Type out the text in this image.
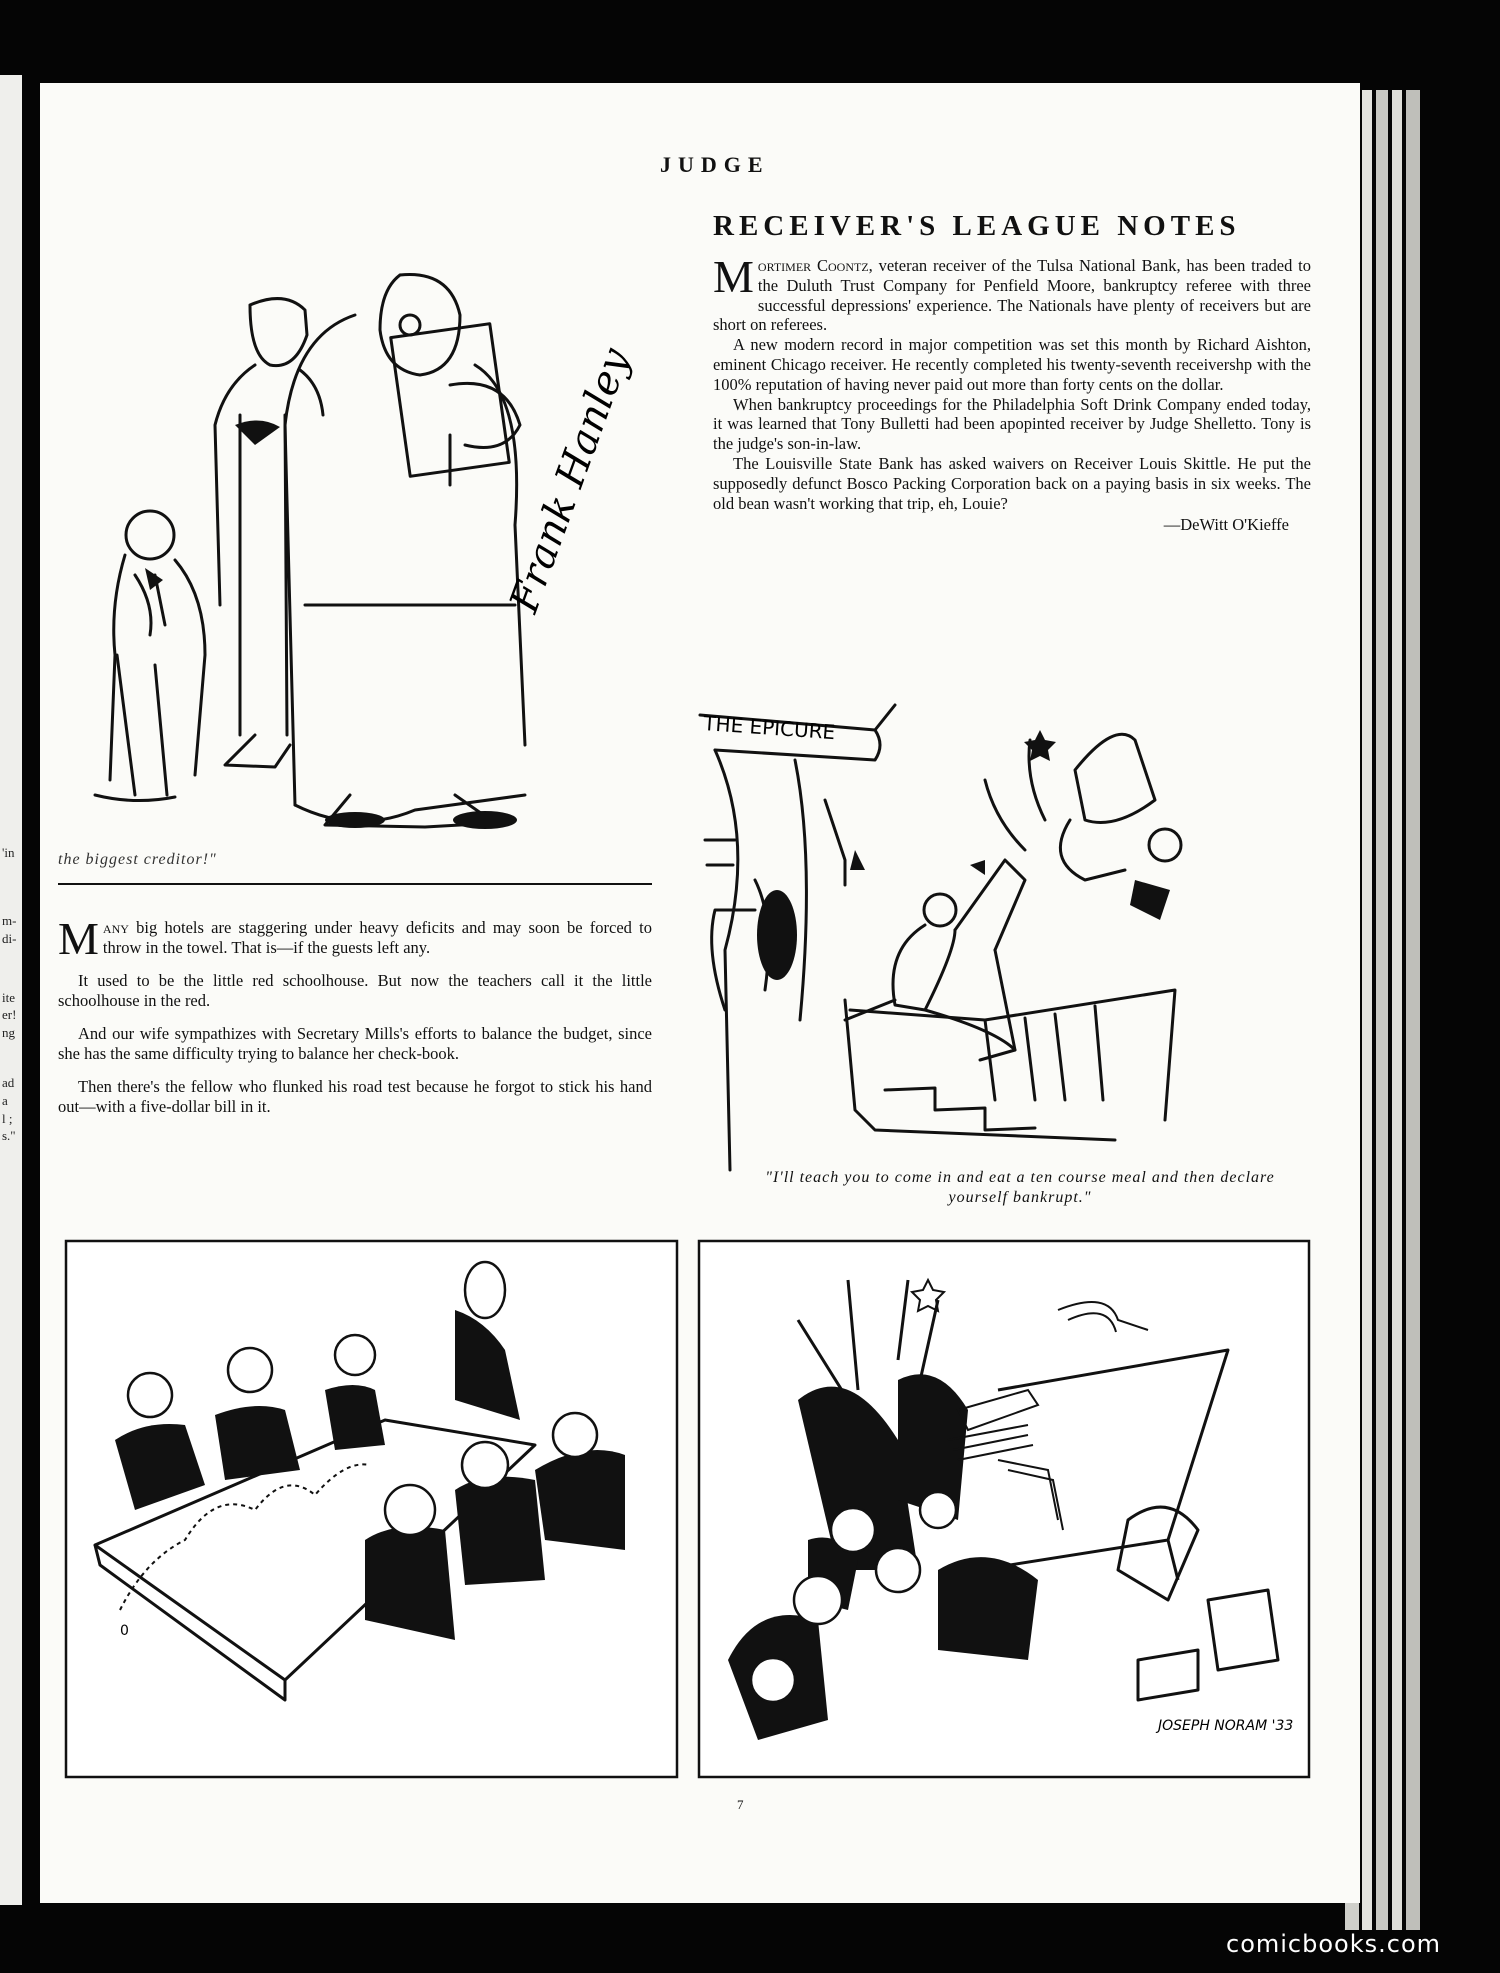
'in
m-
di-
ite
er!
ng
ad
a
l ;
s."
JUDGE
Frank Hanley
the biggest creditor!"
RECEIVER'S LEAGUE NOTES

Mortimer Coontz, veteran receiver of the Tulsa National Bank, has been traded to the Duluth Trust Company for Penfield Moore, bankruptcy referee with three successful depressions' experience. The Nationals have plenty of receivers but are short on referees.

A new modern record in major competition was set this month by Richard Aishton, eminent Chicago receiver. He recently completed his twenty-seventh receivershp with the 100% reputation of having never paid out more than forty cents on the dollar.

When bankruptcy proceedings for the Philadelphia Soft Drink Company ended today, it was learned that Tony Bulletti had been apopinted receiver by Judge Shelletto. Tony is the judge's son-in-law.

The Louisville State Bank has asked waivers on Receiver Louis Skittle. He put the supposedly defunct Bosco Packing Corporation back on a paying basis in six weeks. The old bean wasn't working that trip, eh, Louie?

—DeWitt O'Kieffe
THE EPICURE
"I'll teach you to come in and eat a ten course meal and then declare yourself bankrupt."

Many big hotels are staggering under heavy deficits and may soon be forced to throw in the towel. That is—if the guests left any.

It used to be the little red schoolhouse. But now the teachers call it the little schoolhouse in the red.

And our wife sympathizes with Secretary Mills's efforts to balance the budget, since she has the same difficulty trying to balance her check-book.

Then there's the fellow who flunked his road test because he forgot to stick his hand out—with a five-dollar bill in it.

0
JOSEPH NORAM '33
7
comicbooks.com
